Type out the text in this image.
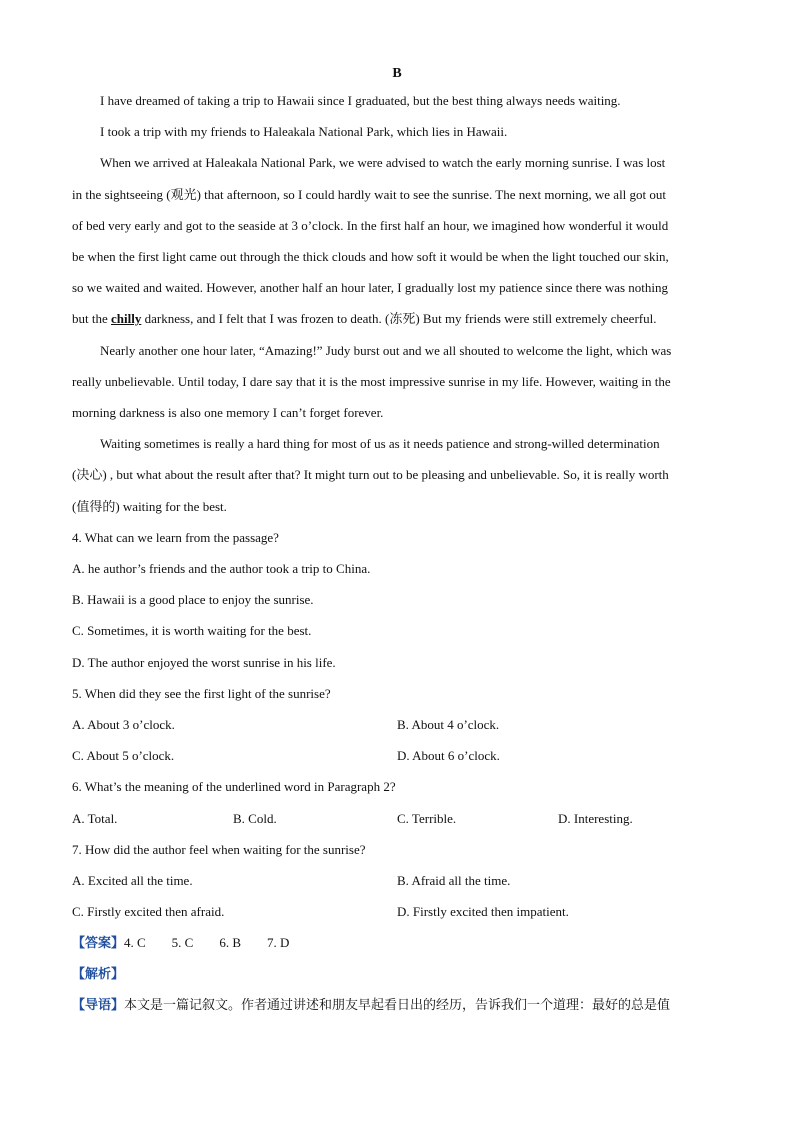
B
I have dreamed of taking a trip to Hawaii since I graduated, but the best thing always needs waiting.
I took a trip with my friends to Haleakala National Park, which lies in Hawaii.
When we arrived at Haleakala National Park, we were advised to watch the early morning sunrise. I was lost
in the sightseeing (观光) that afternoon, so I could hardly wait to see the sunrise. The next morning, we all got out
of bed very early and got to the seaside at 3 o’clock. In the first half an hour, we imagined how wonderful it would
be when the first light came out through the thick clouds and how soft it would be when the light touched our skin,
so we waited and waited. However, another half an hour later, I gradually lost my patience since there was nothing
but the chilly darkness, and I felt that I was frozen to death. (冻死) But my friends were still extremely cheerful.
Nearly another one hour later, “Amazing!” Judy burst out and we all shouted to welcome the light, which was
really unbelievable. Until today, I dare say that it is the most impressive sunrise in my life. However, waiting in the
morning darkness is also one memory I can’t forget forever.
Waiting sometimes is really a hard thing for most of us as it needs patience and strong-willed determination
(决心) , but what about the result after that? It might turn out to be pleasing and unbelievable. So, it is really worth
(值得的) waiting for the best.
4. What can we learn from the passage?
A. he author’s friends and the author took a trip to China.
B. Hawaii is a good place to enjoy the sunrise.
C. Sometimes, it is worth waiting for the best.
D. The author enjoyed the worst sunrise in his life.
5. When did they see the first light of the sunrise?
A. About 3 o’clock.	B. About 4 o’clock.
C. About 5 o’clock.	D. About 6 o’clock.
6. What’s the meaning of the underlined word in Paragraph 2?
A. Total.	B. Cold.	C. Terrible.	D. Interesting.
7. How did the author feel when waiting for the sunrise?
A. Excited all the time.	B. Afraid all the time.
C. Firstly excited then afraid.	D. Firstly excited then impatient.
【答案】4. C        5. C        6. B        7. D
【解析】
【导语】本文是一篇记叙文。作者通过讲述和朋友早起看日出的经历，告诉我们一个道理：最好的总是值
